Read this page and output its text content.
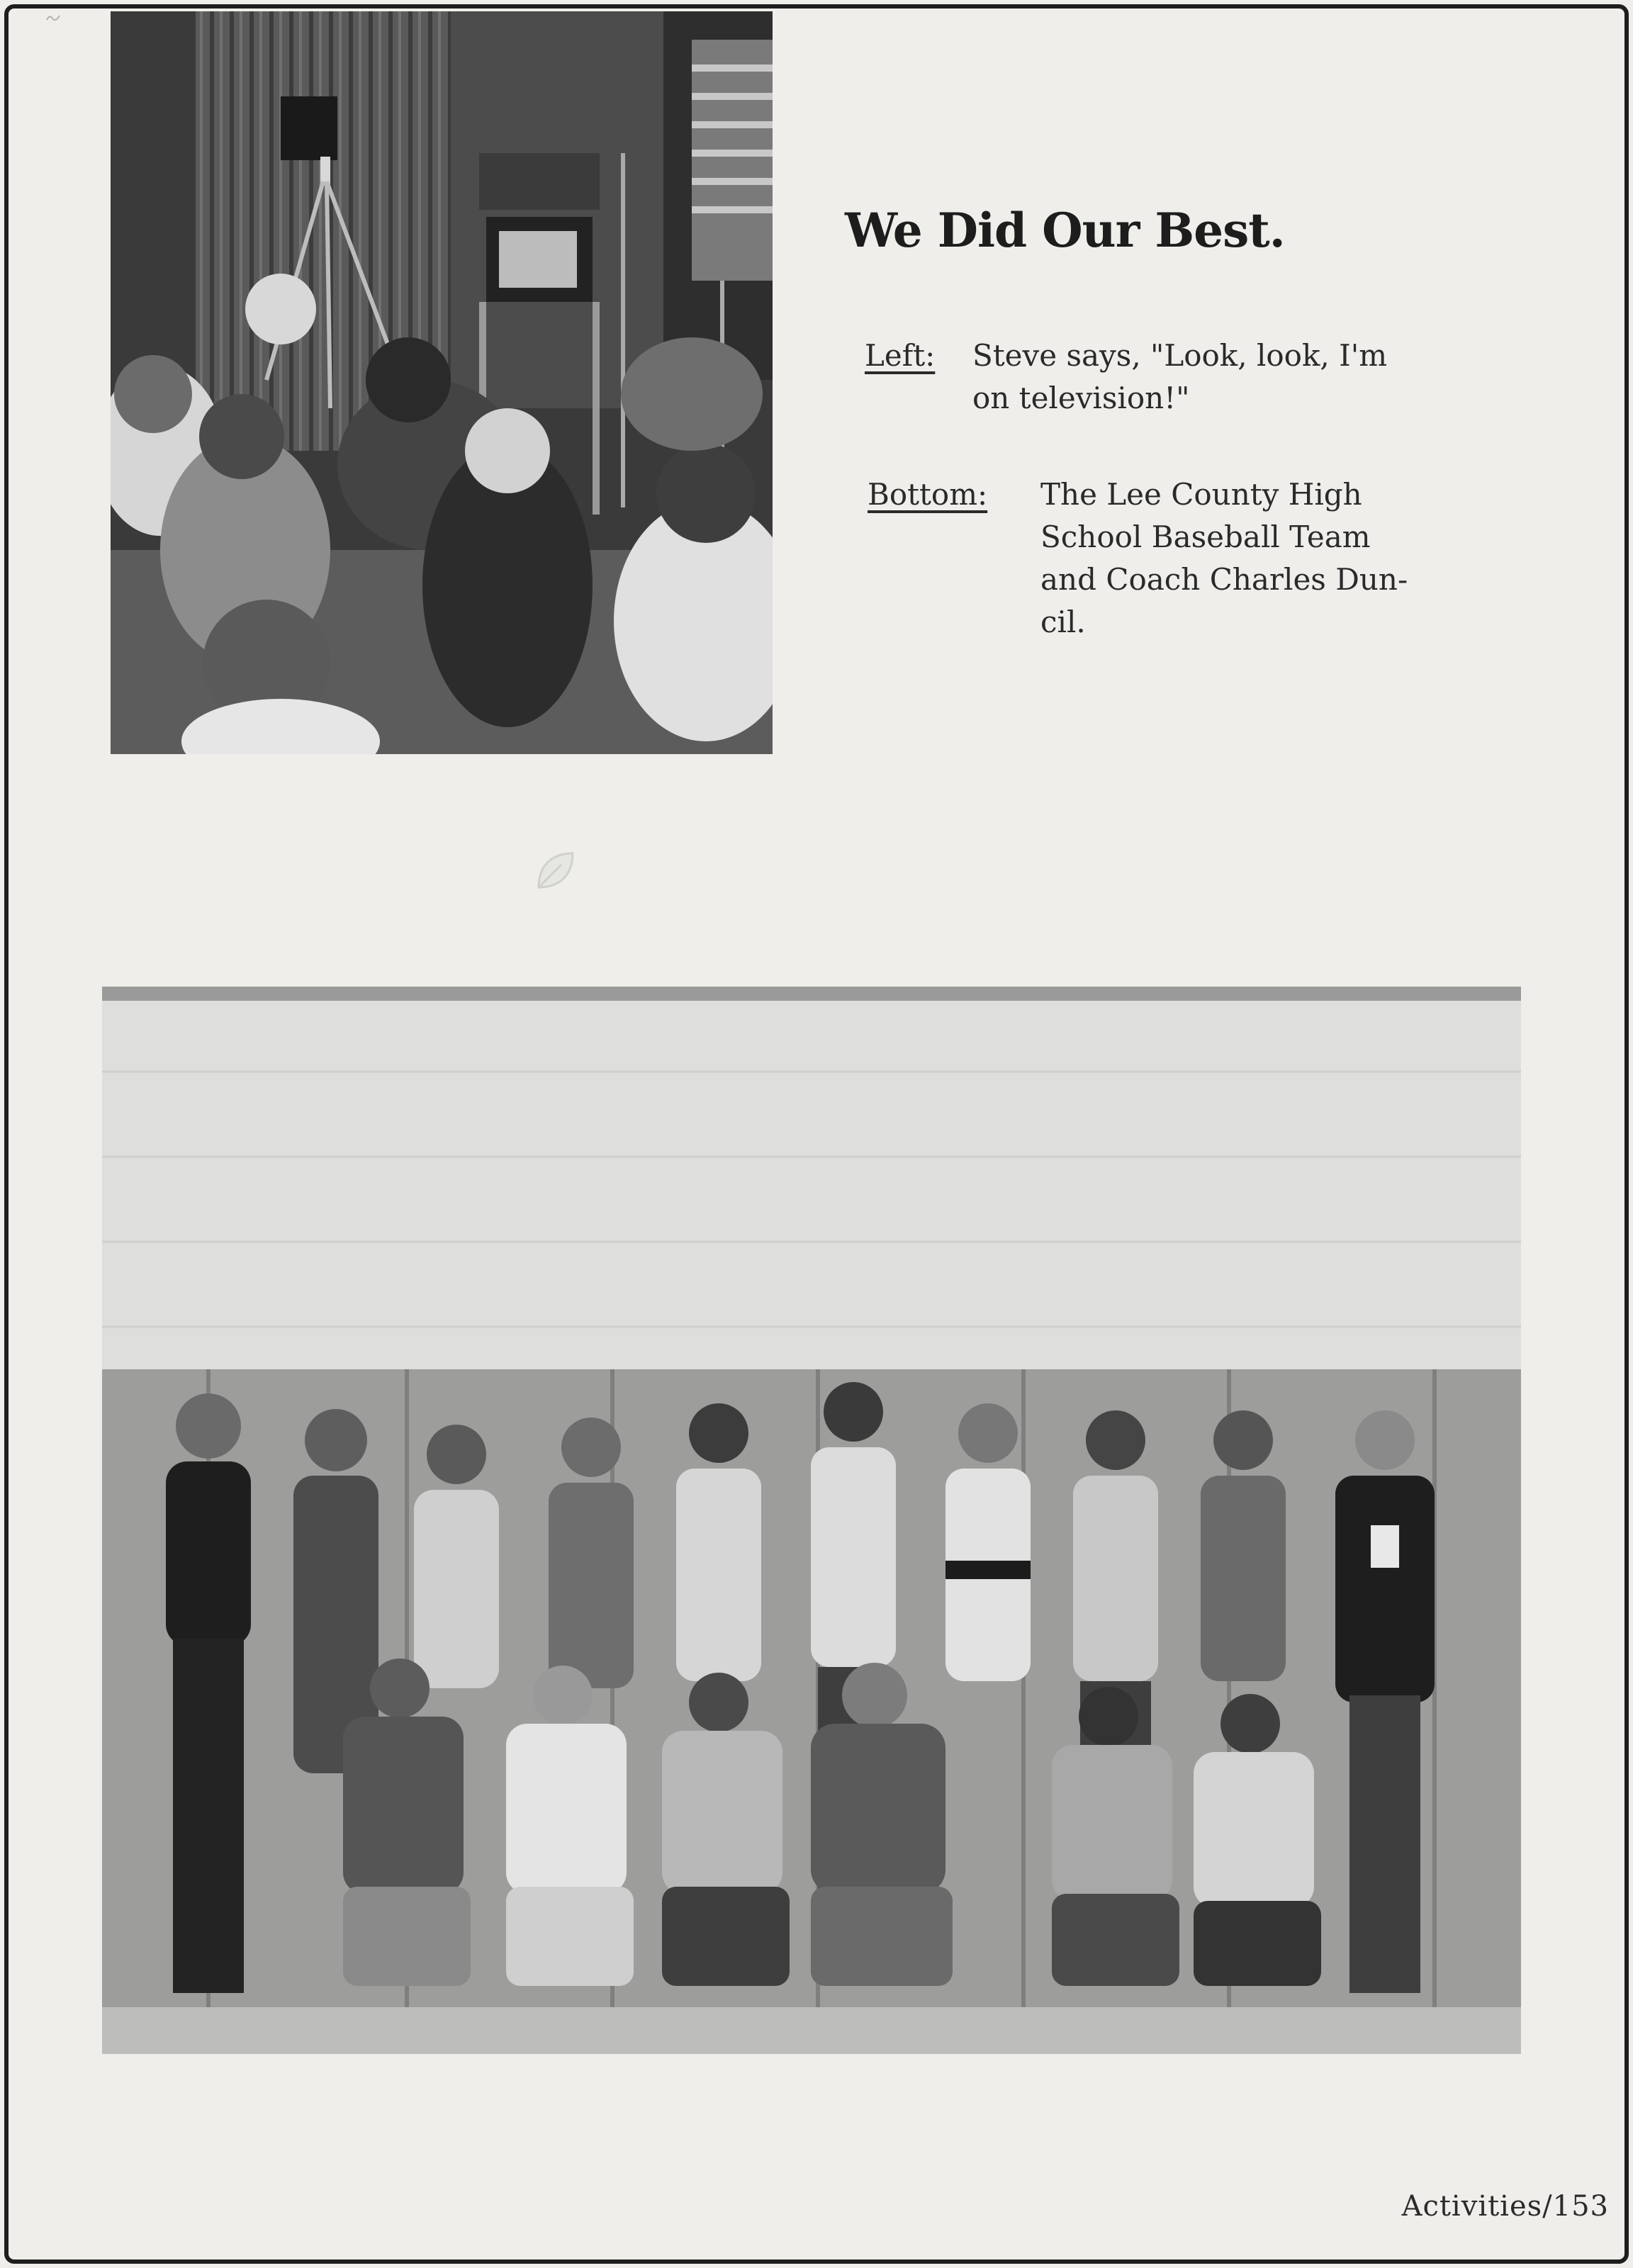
We Did Our Best.
Left: Steve says, "Look, look, I'm
on television!"
Bottom: The Lee County High
School Baseball Team
and Coach Charles Dun-
cil.
Activities/153
